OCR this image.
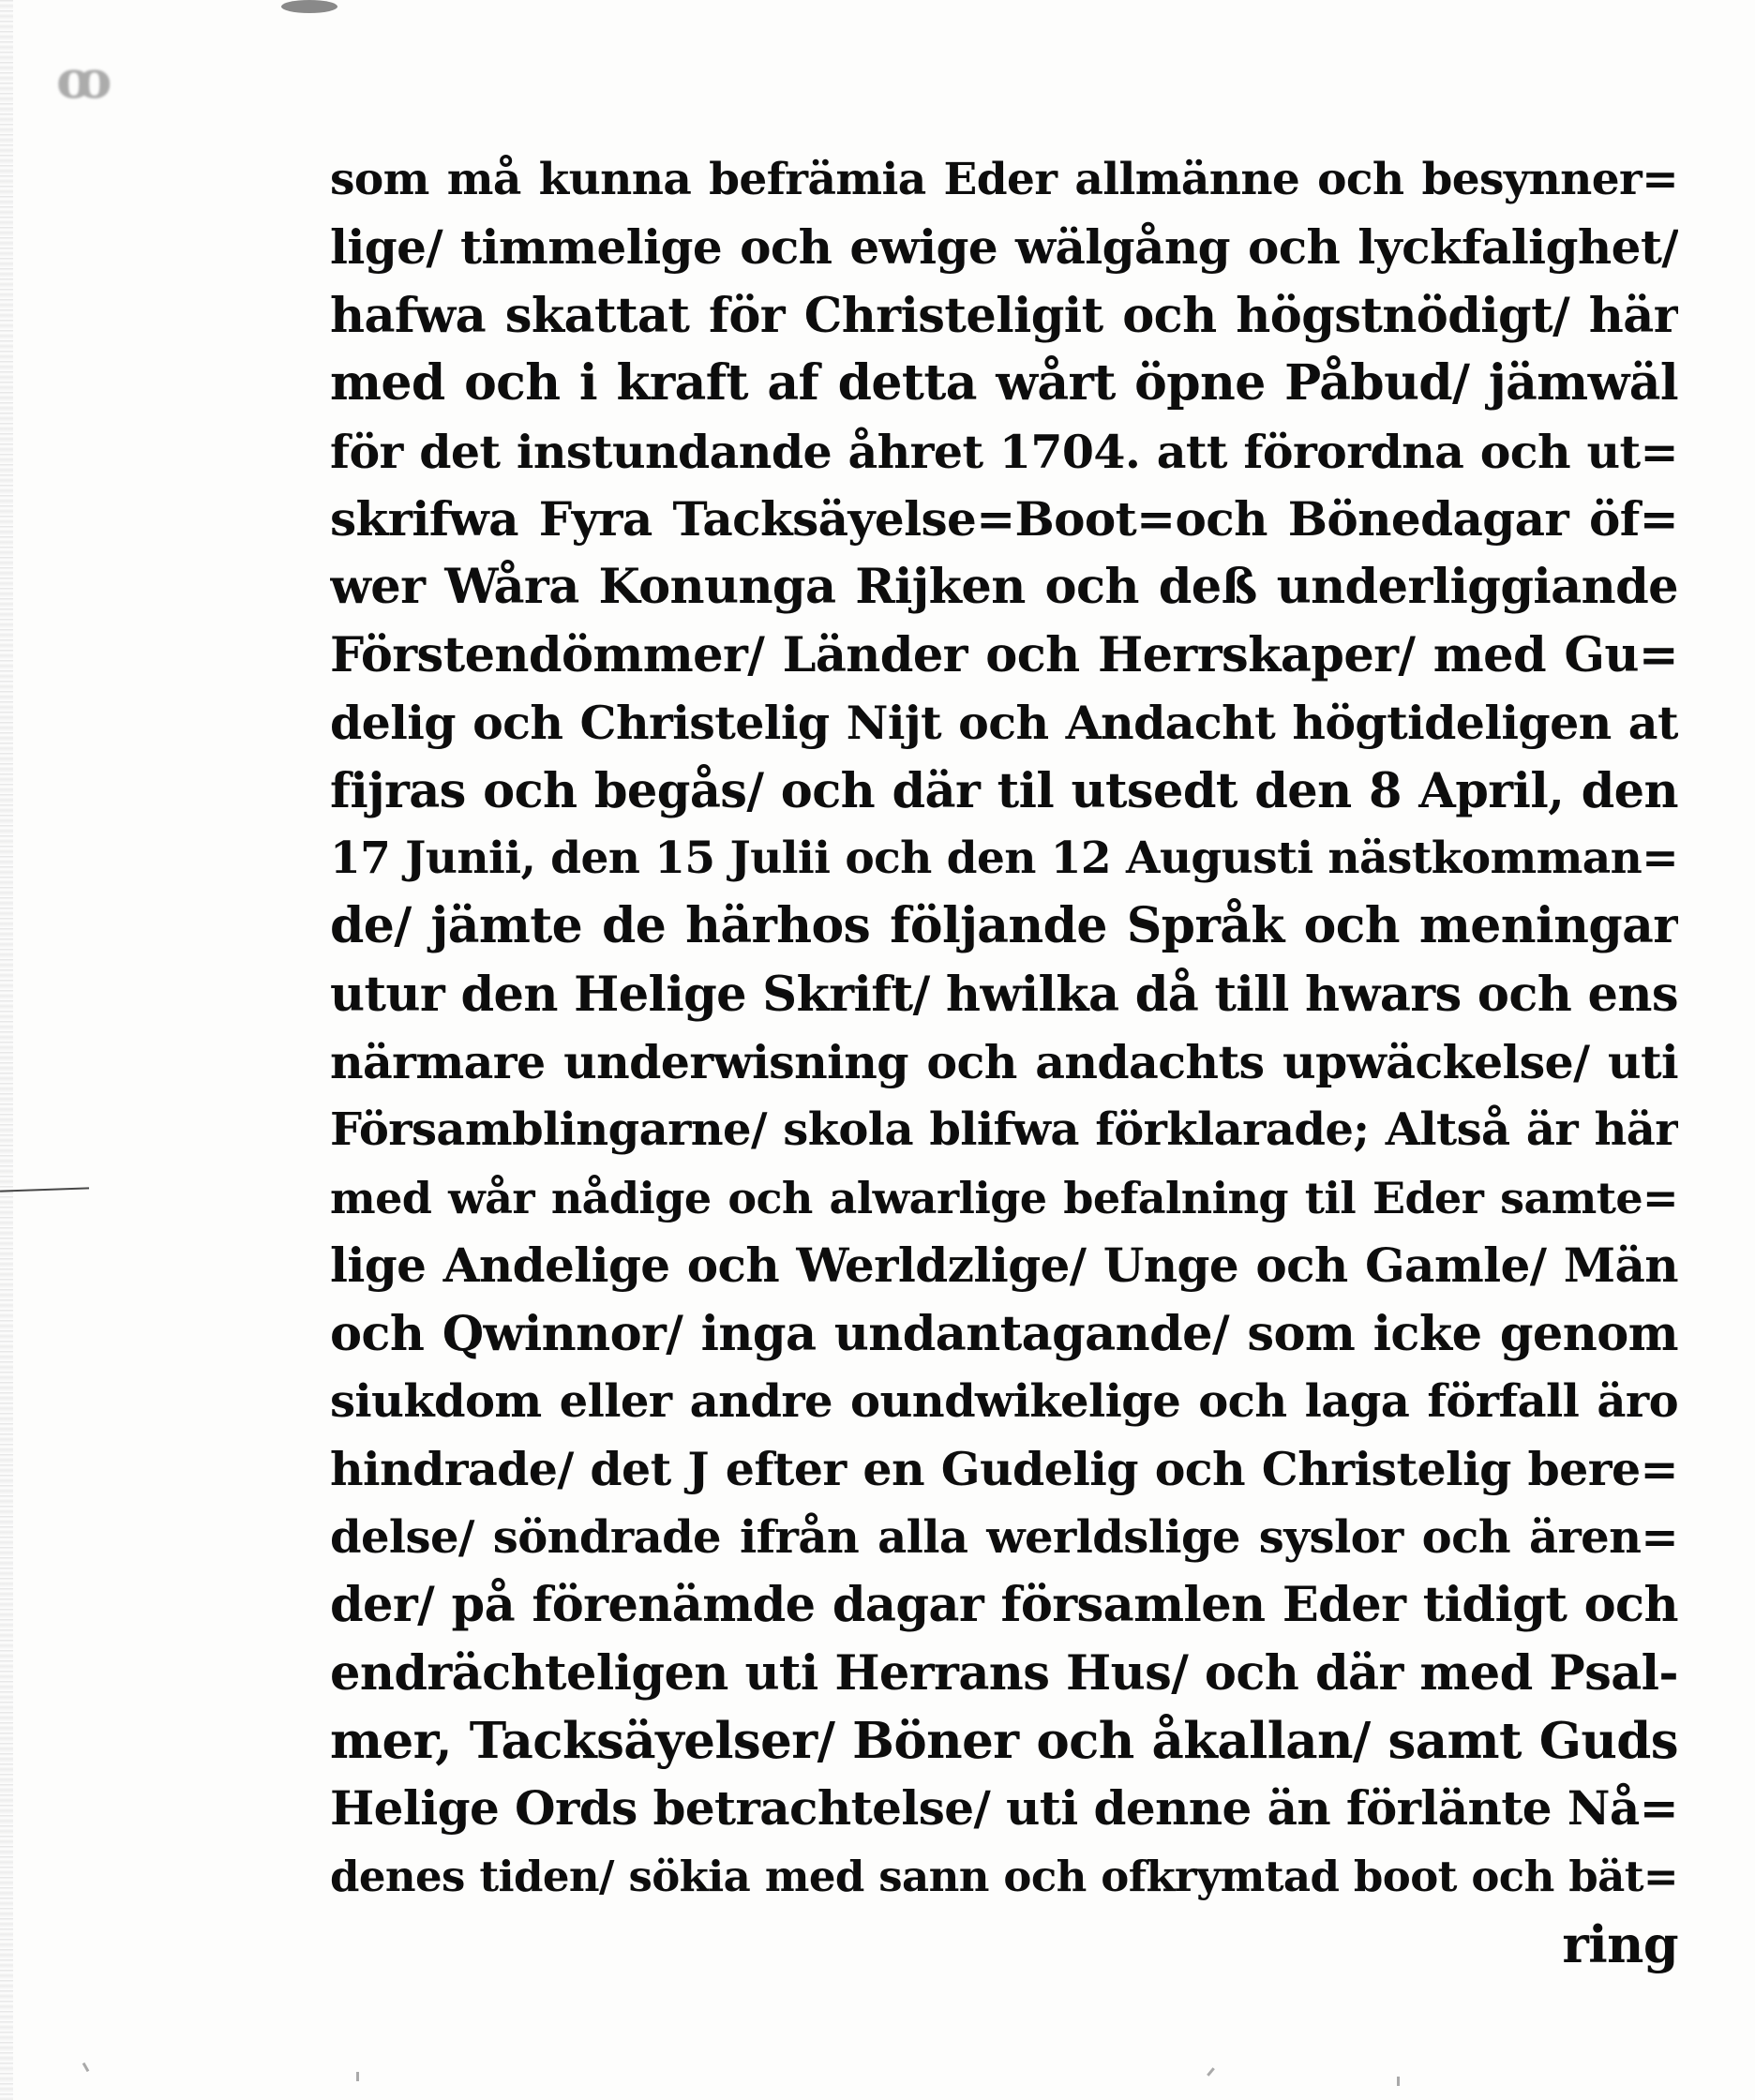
ꝏ
som må kunna befrämia Eder allmänne och besynner=
lige/ timmelige och ewige wälgång och lyckfalighet/
hafwa skattat för Christeligit och högstnödigt/ här
med och i kraft af detta wårt öpne Påbud/ jämwäl
för det instundande åhret 1704. att förordna och ut=
skrifwa Fyra Tacksäyelse=Boot=och Bönedagar öf=
wer Wåra Konunga Rijken och deß underliggiande
Förstendömmer/ Länder och Herrskaper/ med Gu=
delig och Christelig Nijt och Andacht högtideligen at
fijras och begås/ och där til utsedt den 8 April, den
17 Junii, den 15 Julii och den 12 Augusti nästkomman=
de/ jämte de härhos följande Språk och meningar
utur den Helige Skrift/ hwilka då till hwars och ens
närmare underwisning och andachts upwäckelse/ uti
Församblingarne/ skola blifwa förklarade; Altså är här
med wår nådige och alwarlige befalning til Eder samte=
lige Andelige och Werldzlige/ Unge och Gamle/ Män
och Qwinnor/ inga undantagande/ som icke genom
siukdom eller andre oundwikelige och laga förfall äro
hindrade/ det J efter en Gudelig och Christelig bere=
delse/ söndrade ifrån alla werldslige syslor och ären=
der/ på förenämde dagar församlen Eder tidigt och
endrächteligen uti Herrans Hus/ och där med Psal-
mer, Tacksäyelser/ Böner och åkallan/ samt Guds
Helige Ords betrachtelse/ uti denne än förlänte Nå=
denes tiden/ sökia med sann och ofkrymtad boot och bät=
ring
